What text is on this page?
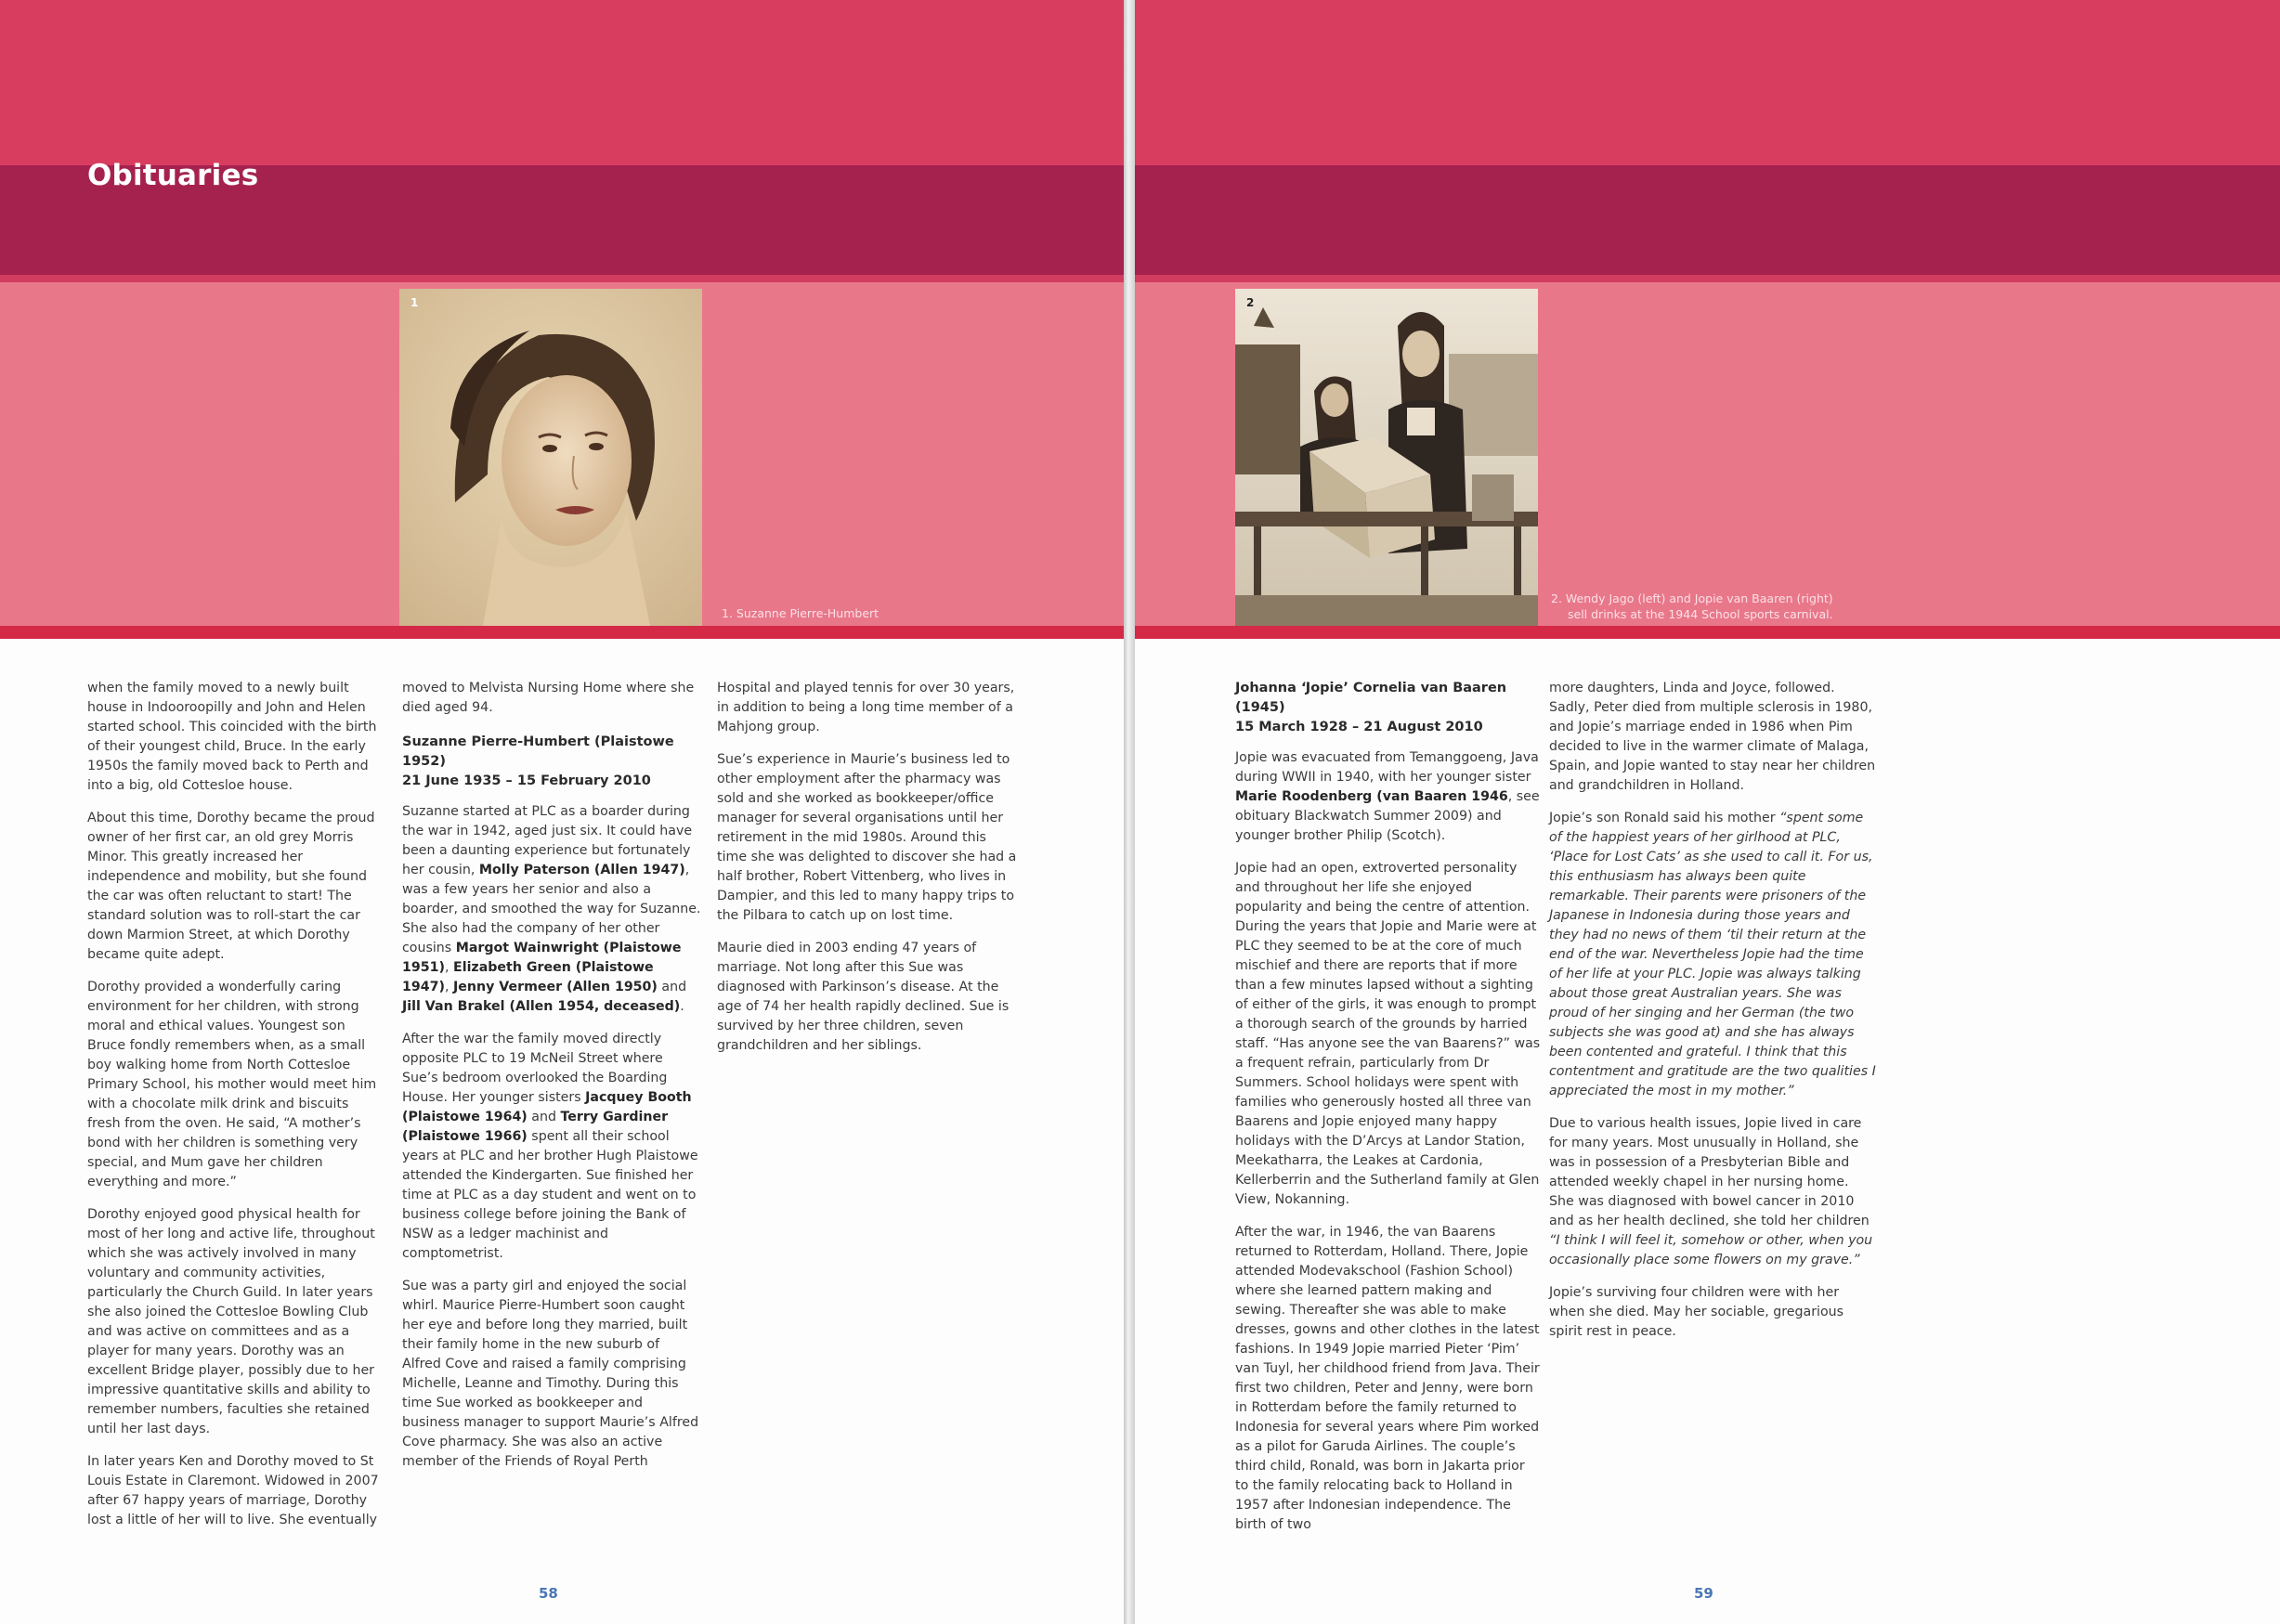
Obituaries
1
1. Suzanne Pierre-Humbert

when the family moved to a newly built house in Indooroopilly and John and Helen started school. This coincided with the birth of their youngest child, Bruce. In the early 1950s the family moved back to Perth and into a big, old Cottesloe house.

About this time, Dorothy became the proud owner of her first car, an old grey Morris Minor. This greatly increased her independence and mobility, but she found the car was often reluctant to start! The standard solution was to roll-start the car down Marmion Street, at which Dorothy became quite adept.

Dorothy provided a wonderfully caring environment for her children, with strong moral and ethical values. Youngest son Bruce fondly remembers when, as a small boy walking home from North Cottesloe Primary School, his mother would meet him with a chocolate milk drink and biscuits fresh from the oven. He said, “A mother’s bond with her children is something very special, and Mum gave her children everything and more.”

Dorothy enjoyed good physical health for most of her long and active life, throughout which she was actively involved in many voluntary and community activities, particularly the Church Guild. In later years she also joined the Cottesloe Bowling Club and was active on committees and as a player for many years. Dorothy was an excellent Bridge player, possibly due to her impressive quantitative skills and ability to remember numbers, faculties she retained until her last days.

In later years Ken and Dorothy moved to St Louis Estate in Claremont. Widowed in 2007 after 67 happy years of marriage, Dorothy lost a little of her will to live. She eventually

moved to Melvista Nursing Home where she died aged 94.

Suzanne Pierre-Humbert (Plaistowe 1952)
21 June 1935 – 15 February 2010

Suzanne started at PLC as a boarder during the war in 1942, aged just six. It could have been a daunting experience but fortunately her cousin, Molly Paterson (Allen 1947), was a few years her senior and also a boarder, and smoothed the way for Suzanne. She also had the company of her other cousins Margot Wainwright (Plaistowe 1951), Elizabeth Green (Plaistowe 1947), Jenny Vermeer (Allen 1950) and Jill Van Brakel (Allen 1954, deceased).

After the war the family moved directly opposite PLC to 19 McNeil Street where Sue’s bedroom overlooked the Boarding House. Her younger sisters Jacquey Booth (Plaistowe 1964) and Terry Gardiner (Plaistowe 1966) spent all their school years at PLC and her brother Hugh Plaistowe attended the Kindergarten. Sue finished her time at PLC as a day student and went on to business college before joining the Bank of NSW as a ledger machinist and comptometrist.

Sue was a party girl and enjoyed the social whirl. Maurice Pierre-Humbert soon caught her eye and before long they married, built their family home in the new suburb of Alfred Cove and raised a family comprising Michelle, Leanne and Timothy. During this time Sue worked as bookkeeper and business manager to support Maurie’s Alfred Cove pharmacy. She was also an active member of the Friends of Royal Perth

Hospital and played tennis for over 30 years, in addition to being a long time member of a Mahjong group.

Sue’s experience in Maurie’s business led to other employment after the pharmacy was sold and she worked as bookkeeper/office manager for several organisations until her retirement in the mid 1980s. Around this time she was delighted to discover she had a half brother, Robert Vittenberg, who lives in Dampier, and this led to many happy trips to the Pilbara to catch up on lost time.

Maurie died in 2003 ending 47 years of marriage. Not long after this Sue was diagnosed with Parkinson’s disease. At the age of 74 her health rapidly declined. Sue is survived by her three children, seven grandchildren and her siblings.

58
2
2. Wendy Jago (left) and Jopie van Baaren (right)
sell drinks at the 1944 School sports carnival.
Johanna ‘Jopie’ Cornelia van Baaren (1945)
15 March 1928 – 21 August 2010

Jopie was evacuated from Temanggoeng, Java during WWII in 1940, with her younger sister Marie Roodenberg (van Baaren 1946, see obituary Blackwatch Summer 2009) and younger brother Philip (Scotch).

Jopie had an open, extroverted personality and throughout her life she enjoyed popularity and being the centre of attention. During the years that Jopie and Marie were at PLC they seemed to be at the core of much mischief and there are reports that if more than a few minutes lapsed without a sighting of either of the girls, it was enough to prompt a thorough search of the grounds by harried staff. “Has anyone see the van Baarens?” was a frequent refrain, particularly from Dr Summers. School holidays were spent with families who generously hosted all three van Baarens and Jopie enjoyed many happy holidays with the D’Arcys at Landor Station, Meekatharra, the Leakes at Cardonia, Kellerberrin and the Sutherland family at Glen View, Nokanning.

After the war, in 1946, the van Baarens returned to Rotterdam, Holland. There, Jopie attended Modevakschool (Fashion School) where she learned pattern making and sewing. Thereafter she was able to make dresses, gowns and other clothes in the latest fashions. In 1949 Jopie married Pieter ‘Pim’ van Tuyl, her childhood friend from Java. Their first two children, Peter and Jenny, were born in Rotterdam before the family returned to Indonesia for several years where Pim worked as a pilot for Garuda Airlines. The couple’s third child, Ronald, was born in Jakarta prior to the family relocating back to Holland in 1957 after Indonesian independence. The birth of two

more daughters, Linda and Joyce, followed. Sadly, Peter died from multiple sclerosis in 1980, and Jopie’s marriage ended in 1986 when Pim decided to live in the warmer climate of Malaga, Spain, and Jopie wanted to stay near her children and grandchildren in Holland.

Jopie’s son Ronald said his mother “spent some of the happiest years of her girlhood at PLC, ‘Place for Lost Cats’ as she used to call it. For us, this enthusiasm has always been quite remarkable. Their parents were prisoners of the Japanese in Indonesia during those years and they had no news of them ‘til their return at the end of the war. Nevertheless Jopie had the time of her life at your PLC. Jopie was always talking about those great Australian years. She was proud of her singing and her German (the two subjects she was good at) and she has always been contented and grateful. I think that this contentment and gratitude are the two qualities I appreciated the most in my mother.”

Due to various health issues, Jopie lived in care for many years. Most unusually in Holland, she was in possession of a Presbyterian Bible and attended weekly chapel in her nursing home. She was diagnosed with bowel cancer in 2010 and as her health declined, she told her children “I think I will feel it, somehow or other, when you occasionally place some flowers on my grave.”

Jopie’s surviving four children were with her when she died. May her sociable, gregarious spirit rest in peace.

59
